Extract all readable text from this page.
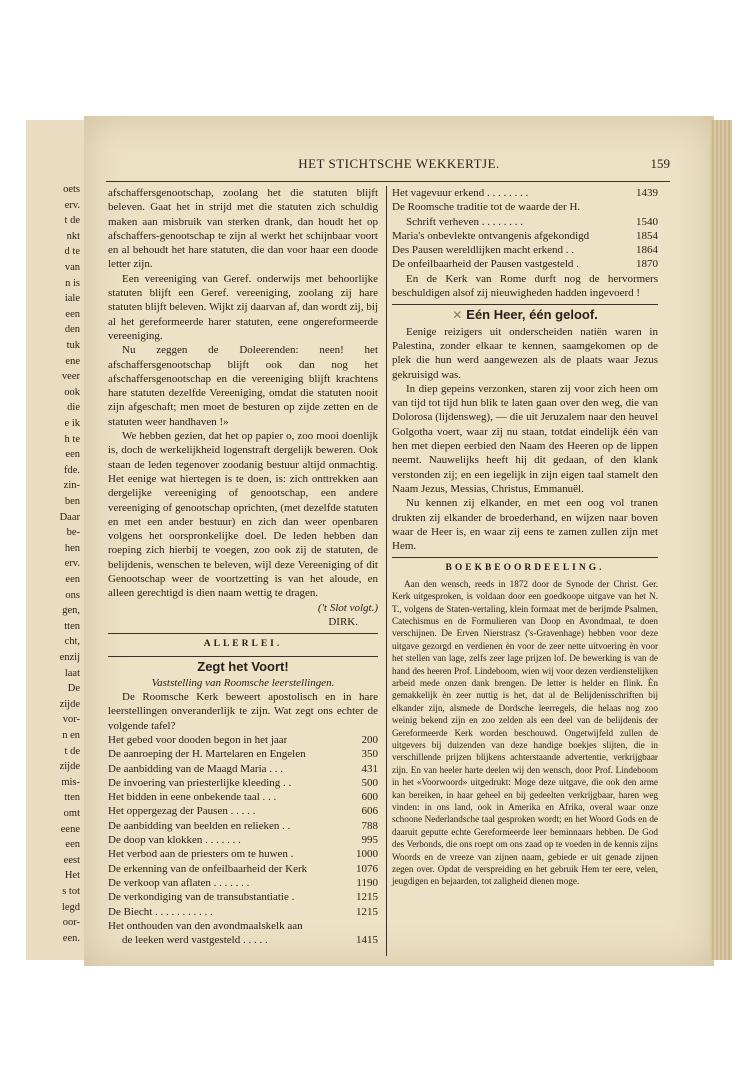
oets
erv.
t de
nkt
d te
van
n is
iale
een
den
tuk
ene
veer
ook
die
e ik
h te
een
fde.
zin-
ben
Daar
be-
hen
erv.
een
ons
gen,
tten
cht,
enzij
laat
De
zijde
vor-
n en
t de
zijde
mis-
tten
omt
eene
een
eest
Het
s tot
legd
oor-
een.
HET STICHTSCHE WEKKERTJE.	159

afschaffersgenootschap, zoolang het die statuten blijft beleven. Gaat het in strijd met die statuten zich schuldig maken aan misbruik van sterken drank, dan houdt het op afschaffers-genootschap te zijn al werkt het schijnbaar voort en al behoudt het hare statuten, die dan voor haar een doode letter zijn.

Een vereeniging van Geref. onderwijs met behoorlijke statuten blijft een Geref. vereeniging, zoolang zij hare statuten blijft beleven. Wijkt zij daarvan af, dan wordt zij, bij al het gereformeerde harer statuten, eene ongereformeerde vereeniging.

Nu zeggen de Doleerenden: neen! het afschaffersgenootschap blijft ook dan nog het afschaffersgenootschap en die vereeniging blijft krachtens hare statuten dezelfde Vereeniging, omdat die statuten nooit zijn afgeschaft; men moet de besturen op zijde zetten en de statuten weer handhaven !»

We hebben gezien, dat het op papier o, zoo mooi doenlijk is, doch de werkelijkheid logenstraft dergelijk beweren. Ook staan de leden tegenover zoodanig bestuur altijd onmachtig. Het eenige wat hiertegen is te doen, is: zich onttrekken aan dergelijke vereeniging of genootschap, een andere vereeniging of genootschap oprichten, (met dezelfde statuten en met een ander bestuur) en zich dan weer openbaren volgens het oorspronkelijke doel. De leden hebben dan roeping zich hierbij te voegen, zoo ook zij de statuten, de belijdenis, wenschen te beleven, wijl deze Vereeniging of dit Genootschap weer de voortzetting is van het aloude, en alleen gerechtigd is dien naam wettig te dragen.

('t Slot volgt.)
DIRK.
ALLERLEI.
Zegt het Voort!
Vaststelling van Roomsche leerstellingen.

De Roomsche Kerk beweert apostolisch en in hare leerstellingen onveranderlijk te zijn. Wat zegt ons echter de volgende tafel?

Het gebed voor dooden begon in het jaar	200
De aanroeping der H. Martelaren en Engelen	350
De aanbidding van de Maagd Maria . . .	431
De invoering van priesterlijke kleeding . .	500
Het bidden in eene onbekende taal . . .	600
Het oppergezag der Pausen . . . . .	606
De aanbidding van beelden en relieken . .	788
De doop van klokken . . . . . . .	995
Het verbod aan de priesters om te huwen .	1000
De erkenning van de onfeilbaarheid der Kerk	1076
De verkoop van aflaten . . . . . . .	1190
De verkondiging van de transubstantiatie .	1215
De Biecht . . . . . . . . . . .	1215
Het onthouden van den avondmaalskelk aan
de leeken werd vastgesteld . . . . .	1415
Het vagevuur erkend . . . . . . . .	1439
De Roomsche traditie tot de waarde der H.
Schrift verheven . . . . . . . .	1540
Maria's onbevlekte ontvangenis afgekondigd	1854
Des Pausen wereldlijken macht erkend . .	1864
De onfeilbaarheid der Pausen vastgesteld .	1870

En de Kerk van Rome durft nog de hervormers beschuldigen alsof zij nieuwigheden hadden ingevoerd !

✕ Eén Heer, één geloof.

Eenige reizigers uit onderscheiden natiën waren in Palestina, zonder elkaar te kennen, saamgekomen op de plek die hun werd aangewezen als de plaats waar Jezus gekruisigd was.

In diep gepeins verzonken, staren zij voor zich heen om van tijd tot tijd hun blik te laten gaan over den weg, die van Dolorosa (lijdensweg), — die uit Jeruzalem naar den heuvel Golgotha voert, waar zij nu staan, totdat eindelijk één van hen met diepen eerbied den Naam des Heeren op de lippen neemt. Nauwelijks heeft hij dit gedaan, of den klank verstonden zij; en een iegelijk in zijn eigen taal stamelt den Naam Jezus, Messias, Christus, Emmanuël.

Nu kennen zij elkander, en met een oog vol tranen drukten zij elkander de broederhand, en wijzen naar boven waar de Heer is, en waar zij eens te zamen zullen zijn met Hem.

BOEKBEOORDEELING.

Aan den wensch, reeds in 1872 door de Synode der Christ. Ger. Kerk uitgesproken, is voldaan door een goedkoope uitgave van het N. T., volgens de Staten-vertaling, klein formaat met de berijmde Psalmen, Catechismus en de Formulieren van Doop en Avondmaal, te doen verschijnen. De Erven Nierstrasz ('s-Gravenhage) hebben voor deze uitgave gezorgd en verdienen èn voor de zeer nette uitvoering èn voor het stellen van lage, zelfs zeer lage prijzen lof. De bewerking is van de hand des heeren Prof. Lindeboom, wien wij voor dezen verdienstelijken arbeid mede onzen dank brengen. De letter is helder en flink. Èn gemakkelijk èn zeer nuttig is het, dat al de Belijdenisschriften bij elkander zijn, alsmede de Dordsche leerregels, die helaas nog zoo weinig bekend zijn en zoo zelden als een deel van de belijdenis der Gereformeerde Kerk worden beschouwd. Ongetwijfeld zullen de uitgevers bij duizenden van deze handige boekjes slijten, die in verschillende prijzen blijkens achterstaande advertentie, verkrijgbaar zijn. En van heeler harte deelen wij den wensch, door Prof. Lindeboom in het «Voorwoord» uitgedrukt: Moge deze uitgave, die ook den arme kan bereiken, in haar geheel en bij gedeelten verkrijgbaar, haren weg vinden: in ons land, ook in Amerika en Afrika, overal waar onze schoone Nederlandsche taal gesproken wordt; en het Woord Gods en de daaruit geputte echte Gereformeerde leer beminnaars hebben. De God des Verbonds, die ons roept om ons zaad op te voeden in de kennis zijns Woords en de vreeze van zijnen naam, gebiede er uit genade zijnen zegen over. Opdat de verspreiding en het gebruik Hem ter eere, velen, jeugdigen en bejaarden, tot zaligheid dienen moge.
